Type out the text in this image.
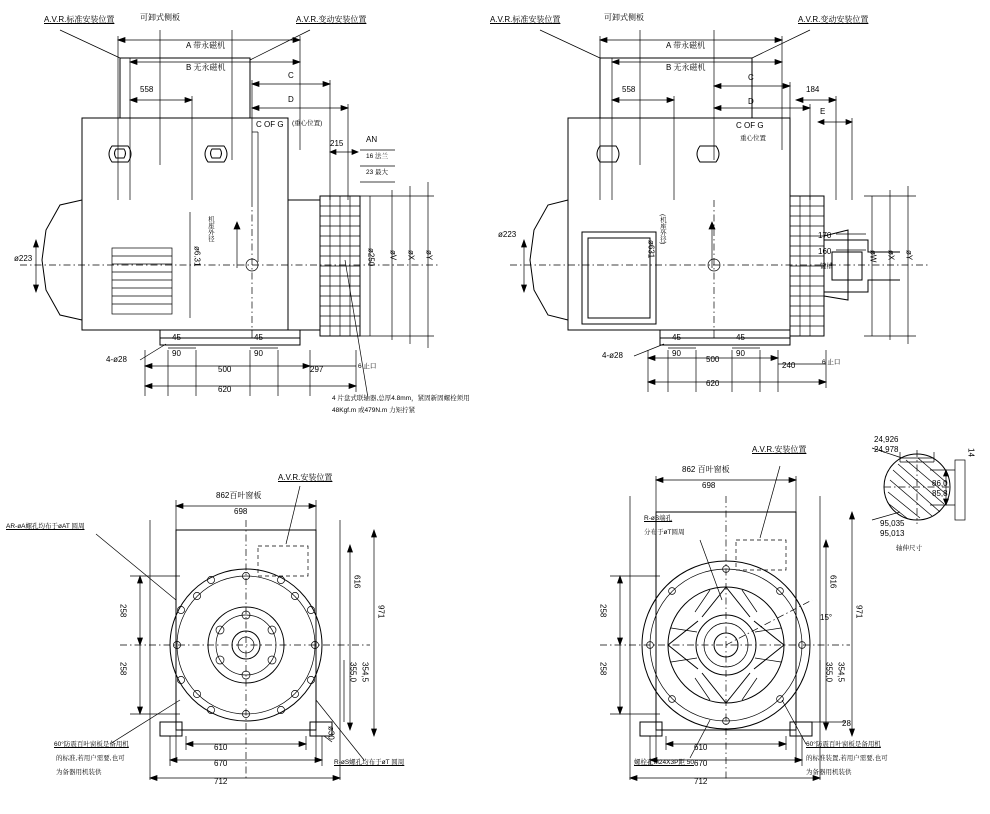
A.V.R.标准安装位置	可卸式侧板	A.V.R.变动安装位置
A 带永磁机
B 无永磁机
C
D
558
C OF G (重心位置)
215	AN
16 法兰
23 最大
ø223	ø6.31
机座外径
ø250 øV øX øY
45
90
45
90
500	297	6 止口
620
4-ø28
4 片盘式联轴器,总厚4.8mm，紧固新固螺栓须用
48Kgf.m 或479N.m 力矩拧紧
A.V.R.标准安装位置	可卸式侧板	A.V.R.变动安装位置
A 带永磁机
B 无永磁机
558
C
184
D
E
C OF G
重心位置
ø223
ø631
(机座外径)	170
160
键槽
øW øX øY
45
90
45
90
500
240	6 止口
620
4-ø28
A.V.R.安装位置
862百叶窗板
698
AR-øA螺孔均布于øAT 圆周
616
971
258
258	355,0 354,5
ø30
610
670
712
R-øS螺孔均布于øT 圆周
60°防震百叶窗板是备用机
的标准,若用户需要,也可
为备器用机装供
A.V.R.安装位置
862 百叶窗板
698
R-øS端孔
分布于øT圆周
15°
616
971
258
258	355,0 354,5
28
610
670
712
螺栓孔M24X3P距 50
60°防震百叶窗板是备用机
的标准装置,若用户需要,也可
为备器用机装供
24,926
24,978	14
86,0
85,8
95,035
95,013
轴伸尺寸
